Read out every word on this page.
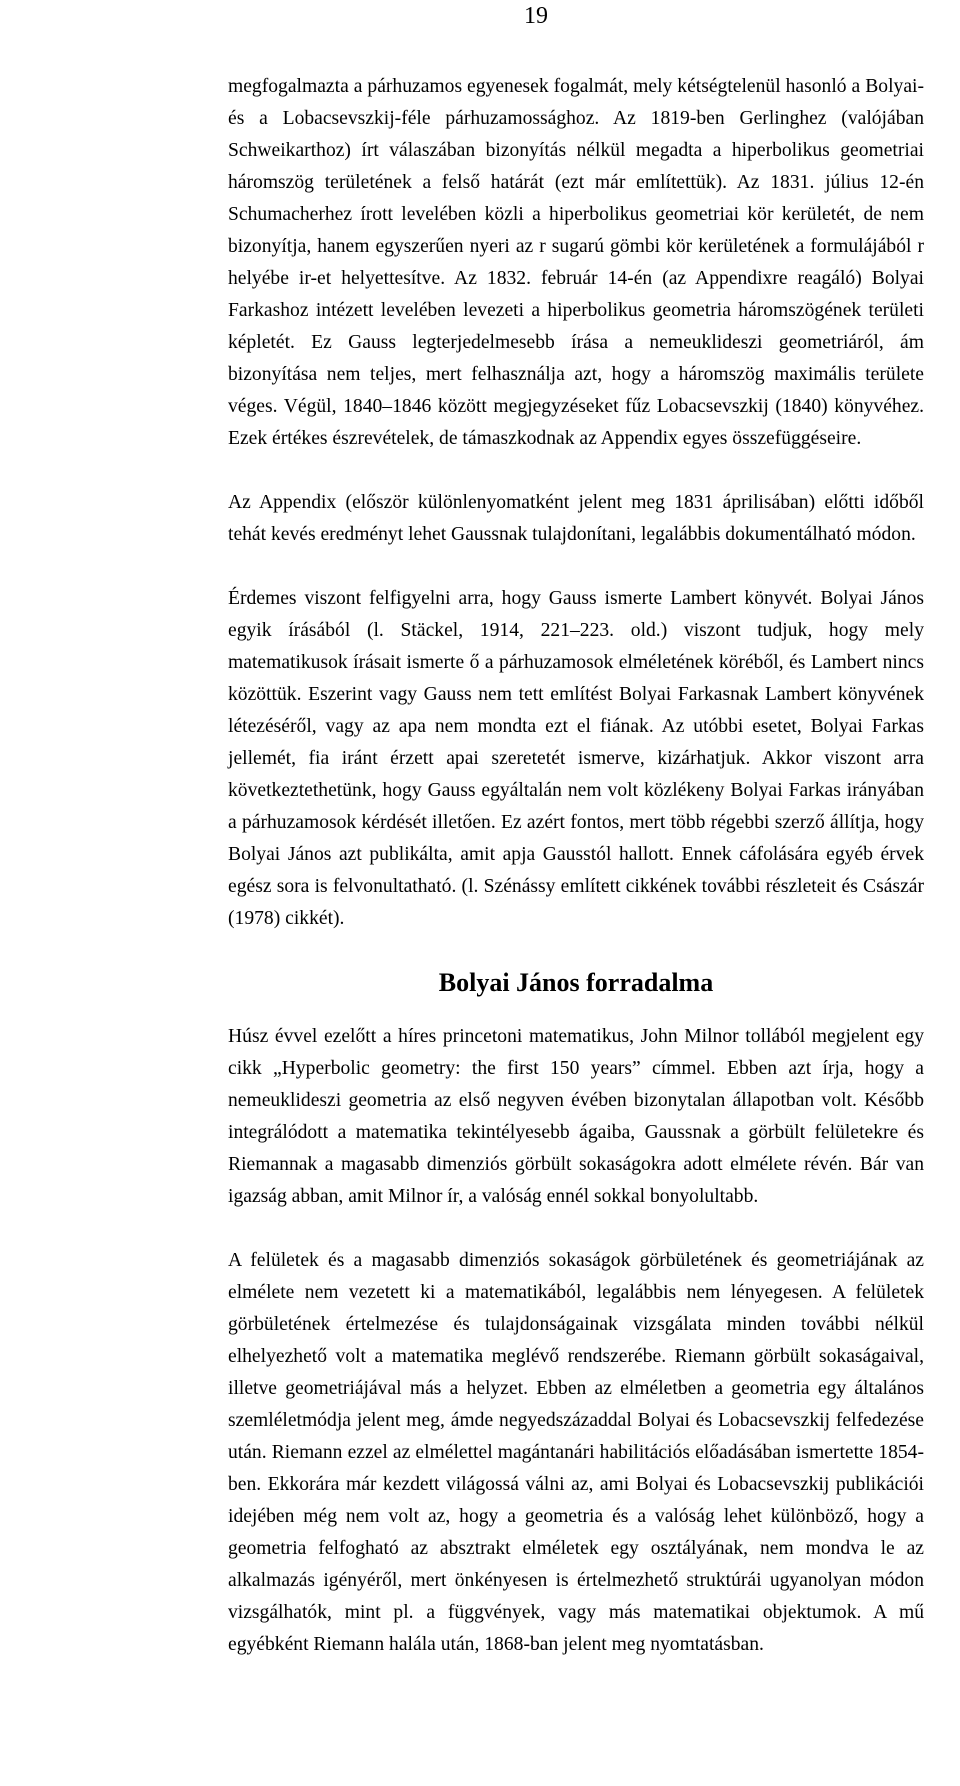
19

megfogalmazta a párhuzamos egyenesek fogalmát, mely kétségtelenül hasonló a Bolyai- és a Lobacsevszkij-féle párhuzamossághoz. Az 1819-ben Gerlinghez (valójában Schweikarthoz) írt válaszában bizonyítás nélkül megadta a hiperbolikus geometriai háromszög területének a felső határát (ezt már említettük). Az 1831. július 12-én Schumacherhez írott levelében közli a hiperbolikus geometriai kör kerületét, de nem bizonyítja, hanem egyszerűen nyeri az r sugarú gömbi kör kerületének a formulájából r helyébe ir-et helyettesítve. Az 1832. február 14-én (az Appendixre reagáló) Bolyai Farkashoz intézett levelében levezeti a hiperbolikus geometria háromszögének területi képletét. Ez Gauss legterjedelmesebb írása a nemeuklideszi geometriáról, ám bizonyítása nem teljes, mert felhasználja azt, hogy a háromszög maximális területe véges. Végül, 1840–1846 között megjegyzéseket fűz Lobacsevszkij (1840) könyvéhez. Ezek értékes észrevételek, de támaszkodnak az Appendix egyes összefüggéseire.

Az Appendix (először különlenyomatként jelent meg 1831 áprilisában) előtti időből tehát kevés eredményt lehet Gaussnak tulajdonítani, legalábbis dokumentálható módon.

Érdemes viszont felfigyelni arra, hogy Gauss ismerte Lambert könyvét. Bolyai János egyik írásából (l. Stäckel, 1914, 221–223. old.) viszont tudjuk, hogy mely matematikusok írásait ismerte ő a párhuzamosok elméletének köréből, és Lambert nincs közöttük. Eszerint vagy Gauss nem tett említést Bolyai Farkasnak Lambert könyvének létezéséről, vagy az apa nem mondta ezt el fiának. Az utóbbi esetet, Bolyai Farkas jellemét, fia iránt érzett apai szeretetét ismerve, kizárhatjuk. Akkor viszont arra következtethetünk, hogy Gauss egyáltalán nem volt közlékeny Bolyai Farkas irányában a párhuzamosok kérdését illetően. Ez azért fontos, mert több régebbi szerző állítja, hogy Bolyai János azt publikálta, amit apja Gausstól hallott. Ennek cáfolására egyéb érvek egész sora is felvonultatható. (l. Szénássy említett cikkének további részleteit és Császár (1978) cikkét).

Bolyai János forradalma

Húsz évvel ezelőtt a híres princetoni matematikus, John Milnor tollából megjelent egy cikk „Hyperbolic geometry: the first 150 years” címmel. Ebben azt írja, hogy a nemeuklideszi geometria az első negyven évében bizonytalan állapotban volt. Később integrálódott a matematika tekintélyesebb ágaiba, Gaussnak a görbült felületekre és Riemannak a magasabb dimenziós görbült sokaságokra adott elmélete révén. Bár van igazság abban, amit Milnor ír, a valóság ennél sokkal bonyolultabb.

A felületek és a magasabb dimenziós sokaságok görbületének és geometriájának az elmélete nem vezetett ki a matematikából, legalábbis nem lényegesen. A felületek görbületének értelmezése és tulajdonságainak vizsgálata minden további nélkül elhelyezhető volt a matematika meglévő rendszerébe. Riemann görbült sokaságaival, illetve geometriájával más a helyzet. Ebben az elméletben a geometria egy általános szemléletmódja jelent meg, ámde negyedszázaddal Bolyai és Lobacsevszkij felfedezése után. Riemann ezzel az elmélettel magántanári habilitációs előadásában ismertette 1854-ben. Ekkorára már kezdett világossá válni az, ami Bolyai és Lobacsevszkij publikációi idejében még nem volt az, hogy a geometria és a valóság lehet különböző, hogy a geometria felfogható az absztrakt elméletek egy osztályának, nem mondva le az alkalmazás igényéről, mert önkényesen is értelmezhető struktúrái ugyanolyan módon vizsgálhatók, mint pl. a függvények, vagy más matematikai objektumok. A mű egyébként Riemann halála után, 1868-ban jelent meg nyomtatásban.
